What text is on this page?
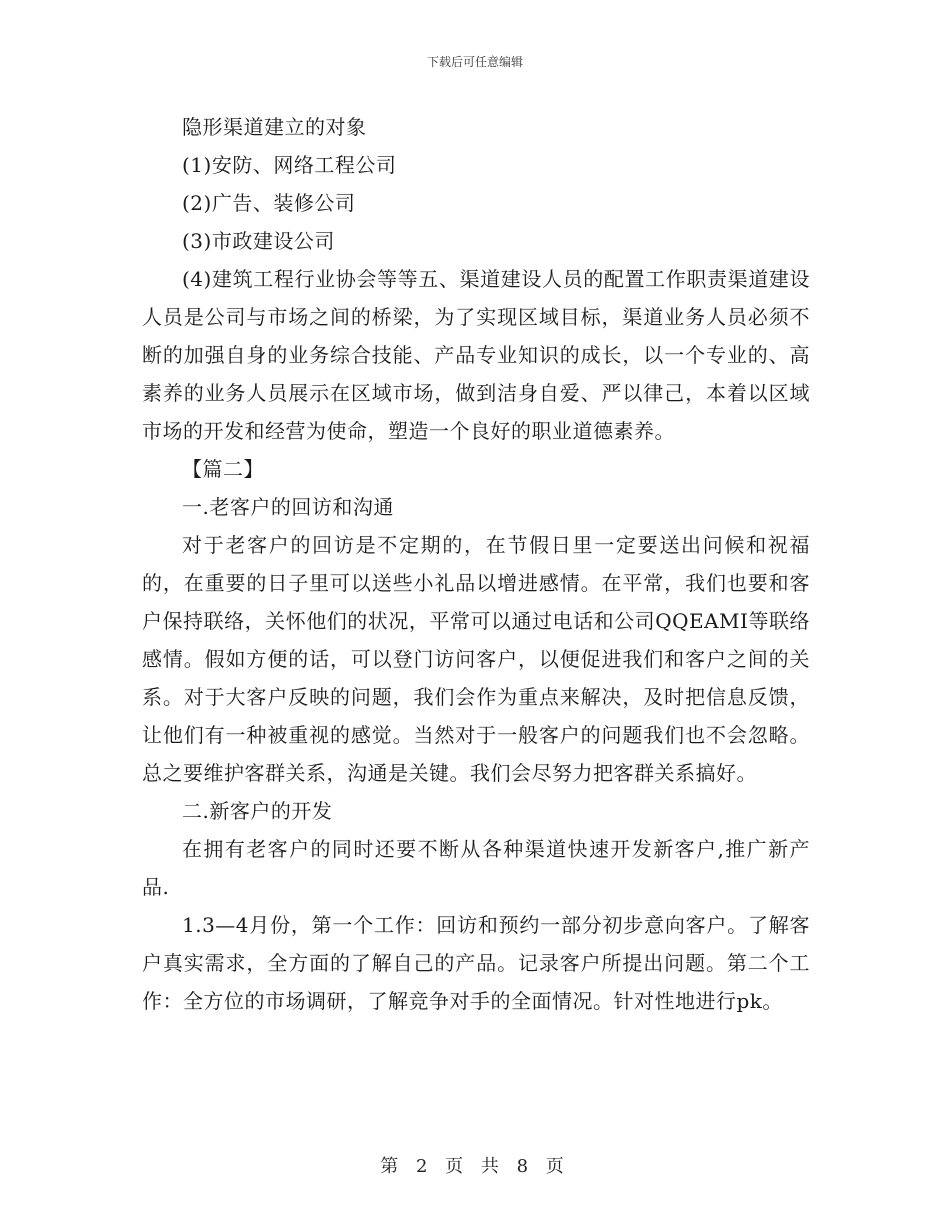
下载后可任意编辑

隐形渠道建立的对象

(1)安防、网络工程公司

(2)广告、装修公司

(3)市政建设公司

(4)建筑工程行业协会等等五、渠道建设人员的配置工作职责渠道建设人员是公司与市场之间的桥梁，为了实现区域目标，渠道业务人员必须不断的加强自身的业务综合技能、产品专业知识的成长，以一个专业的、高素养的业务人员展示在区域市场，做到洁身自爱、严以律己，本着以区域市场的开发和经营为使命，塑造一个良好的职业道德素养。

【篇二】

一.老客户的回访和沟通

对于老客户的回访是不定期的，在节假日里一定要送出问候和祝福的，在重要的日子里可以送些小礼品以增进感情。在平常，我们也要和客户保持联络，关怀他们的状况，平常可以通过电话和公司QQEAMI等联络感情。假如方便的话，可以登门访问客户，以便促进我们和客户之间的关系。对于大客户反映的问题，我们会作为重点来解决，及时把信息反馈，让他们有一种被重视的感觉。当然对于一般客户的问题我们也不会忽略。总之要维护客群关系，沟通是关键。我们会尽努力把客群关系搞好。

二.新客户的开发

在拥有老客户的同时还要不断从各种渠道快速开发新客户,推广新产品.

1.3—4月份，第一个工作：回访和预约一部分初步意向客户。了解客户真实需求，全方面的了解自己的产品。记录客户所提出问题。第二个工作：全方位的市场调研，了解竞争对手的全面情况。针对性地进行pk。

第 2 页 共 8 页
